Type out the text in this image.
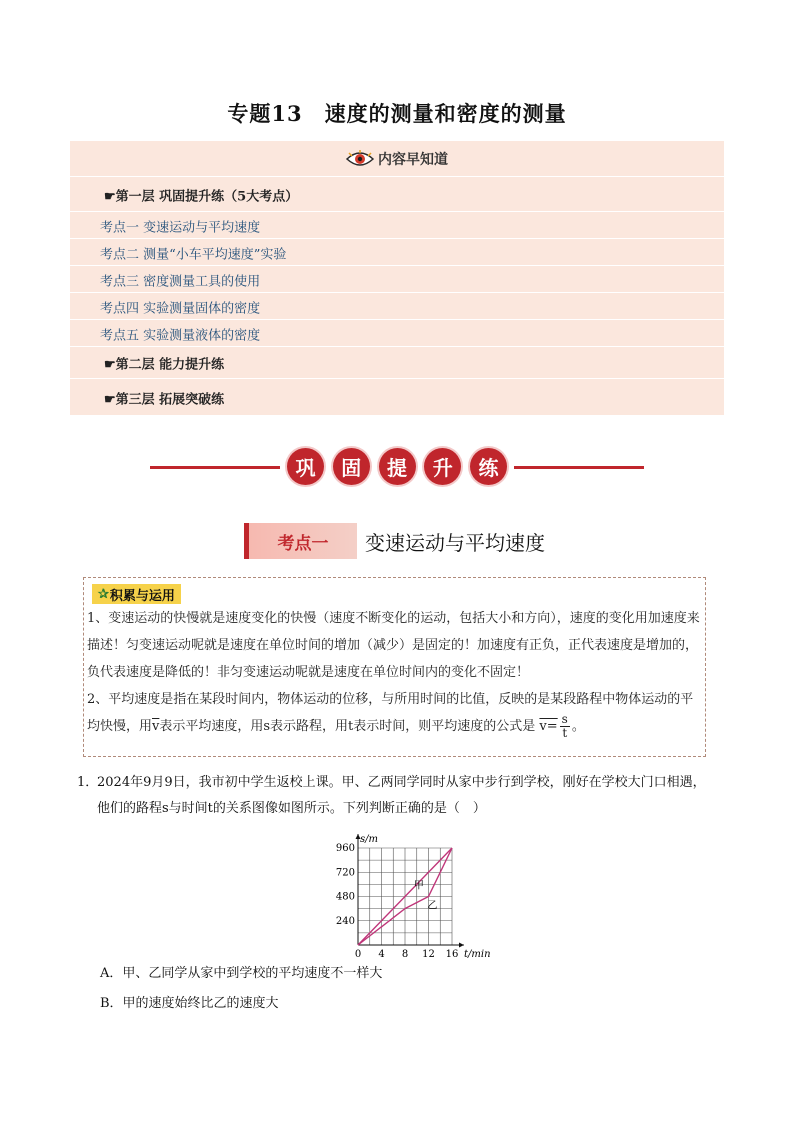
专题13　速度的测量和密度的测量
内容早知道
☛第一层 巩固提升练（5大考点）
考点一 变速运动与平均速度
考点二 测量“小车平均速度”实验
考点三 密度测量工具的使用
考点四 实验测量固体的密度
考点五 实验测量液体的密度
☛第二层 能力提升练
☛第三层 拓展突破练
巩	固	提	升	练
考点一	变速运动与平均速度
✰ 积累与运用

1、变速运动的快慢就是速度变化的快慢（速度不断变化的运动，包括大小和方向），速度的变化用加速度来描述！匀变速运动呢就是速度在单位时间的增加（减少）是固定的！加速度有正负，正代表速度是增加的，负代表速度是降低的！非匀变速运动呢就是速度在单位时间内的变化不固定！

2、平均速度是指在某段时间内，物体运动的位移，与所用时间的比值，反映的是某段路程中物体运动的平均快慢，用$\overline{v}$表示平均速度，用s表示路程，用t表示时间，则平均速度的公式是 $v= \frac{s}{t}$ 。

1．
2024年9月9日，我市初中学生返校上课。甲、乙两同学同时从家中步行到学校，刚好在学校大门口相遇，他们的路程s与时间t的关系图像如图所示。下列判断正确的是（　）
0 4 8 12 16
240
480
720
960
s/m
t/min
甲
乙
A．甲、乙同学从家中到学校的平均速度不一样大
B．甲的速度始终比乙的速度大
